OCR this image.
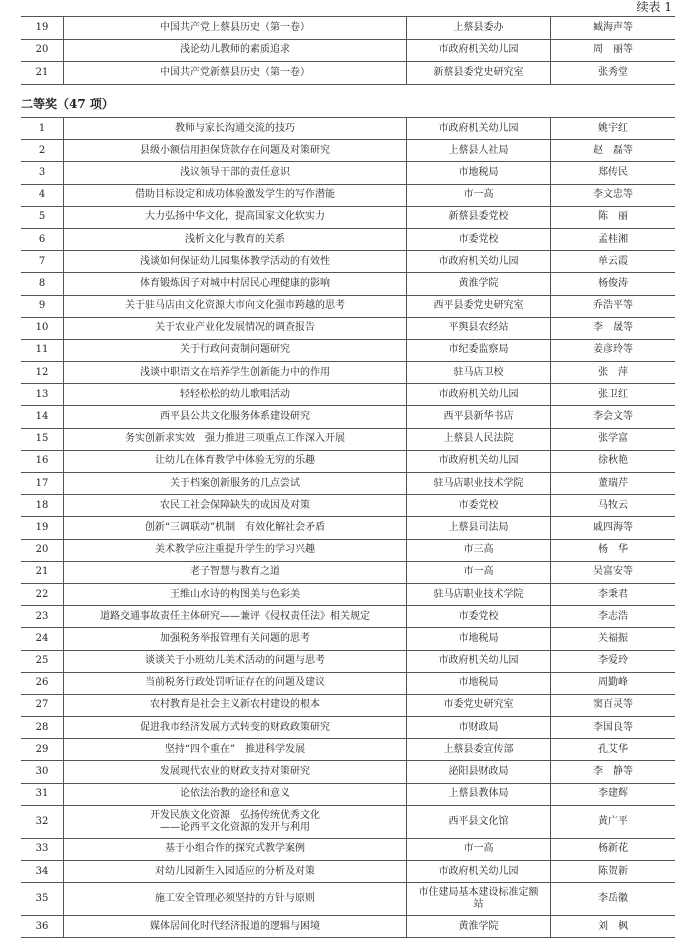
续表 1
19	中国共产党上蔡县历史（第一卷）	上蔡县委办	臧海声等
20	浅论幼儿教师的素质追求	市政府机关幼儿园	周　丽等
21	中国共产党新蔡县历史（第一卷）	新蔡县委党史研究室	张秀堂
二等奖（47 项）
1	教师与家长沟通交流的技巧	市政府机关幼儿园	姚宇红
2	县级小额信用担保贷款存在问题及对策研究	上蔡县人社局	赵　磊等
3	浅议领导干部的责任意识	市地税局	郑传民
4	借助目标设定和成功体验激发学生的写作潜能	市一高	李文忠等
5	大力弘扬中华文化，提高国家文化软实力	新蔡县委党校	陈　丽
6	浅析文化与教育的关系	市委党校	孟桂湘
7	浅谈如何保证幼儿园集体教学活动的有效性	市政府机关幼儿园	单云霞
8	体育锻炼因子对城中村居民心理健康的影响	黄淮学院	杨俊涛
9	关于驻马店由文化资源大市向文化强市跨越的思考	西平县委党史研究室	乔浩平等
10	关于农业产业化发展情况的调查报告	平舆县农经站	李　晟等
11	关于行政问责制问题研究	市纪委监察局	姜彦玲等
12	浅谈中职语文在培养学生创新能力中的作用	驻马店卫校	张　萍
13	轻轻松松的幼儿歌唱活动	市政府机关幼儿园	张卫红
14	西平县公共文化服务体系建设研究	西平县新华书店	李会文等
15	务实创新求实效　强力推进三项重点工作深入开展	上蔡县人民法院	张学富
16	让幼儿在体育教学中体验无穷的乐趣	市政府机关幼儿园	徐秋艳
17	关于档案创新服务的几点尝试	驻马店职业技术学院	董瑞芹
18	农民工社会保障缺失的成因及对策	市委党校	马牧云
19	创新“三调联动”机制　有效化解社会矛盾	上蔡县司法局	戚四海等
20	美术教学应注重提升学生的学习兴趣	市三高	杨　华
21	老子智慧与教育之道	市一高	吴富安等
22	王维山水诗的构图美与色彩美	驻马店职业技术学院	李秉君
23	道路交通事故责任主体研究——兼评《侵权责任法》相关规定	市委党校	李志浩
24	加强税务举报管理有关问题的思考	市地税局	关福振
25	谈谈关于小班幼儿美术活动的问题与思考	市政府机关幼儿园	李爱玲
26	当前税务行政处罚听证存在的问题及建议	市地税局	周勤峰
27	农村教育是社会主义新农村建设的根本	市委党史研究室	窦百灵等
28	促进我市经济发展方式转变的财政政策研究	市财政局	李国良等
29	坚持“四个重在”　推进科学发展	上蔡县委宣传部	孔艾华
30	发展现代农业的财政支持对策研究	泌阳县财政局	李　静等
31	论依法治教的途径和意义	上蔡县教体局	李建辉
32	开发民族文化资源　弘扬传统优秀文化
——论西平文化资源的发开与利用	西平县文化馆	黄广平
33	基于小组合作的探究式教学案例	市一高	杨新花
34	对幼儿园新生入园适应的分析及对策	市政府机关幼儿园	陈贺新
35	施工安全管理必须坚持的方针与原则	市住建局基本建设标准定额
站	李岳徽
36	媒体居间化时代经济报道的逻辑与困境	黄淮学院	刘　枫
